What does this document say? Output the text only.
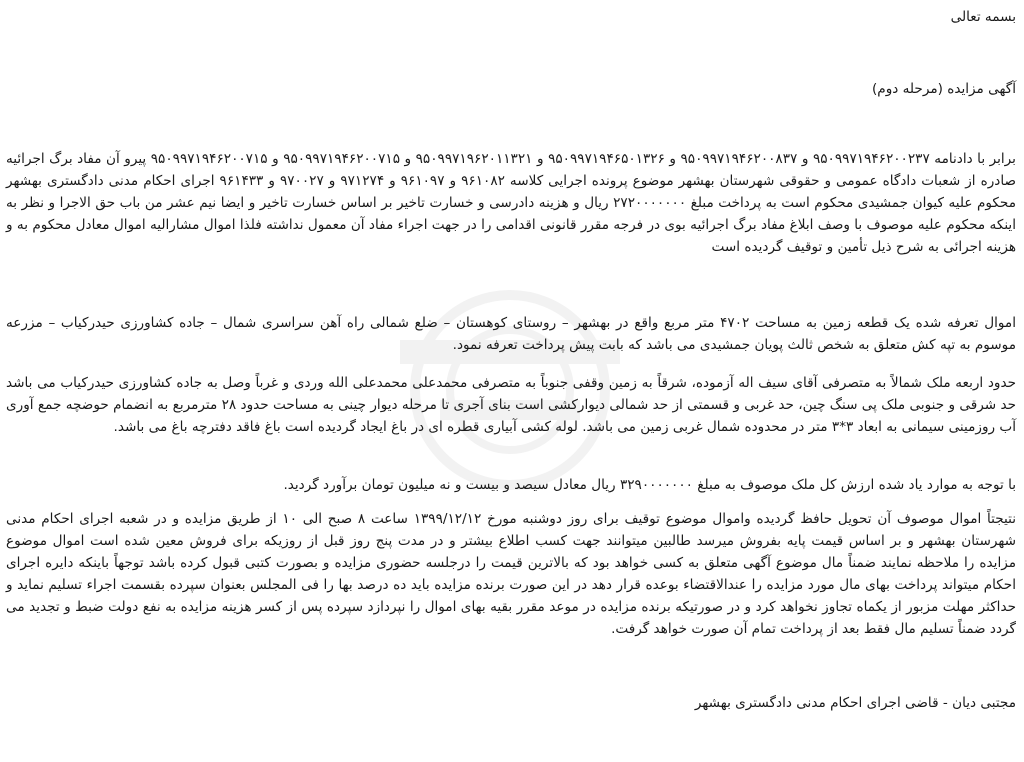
بسمه تعالی
آگهی مزایده (مرحله دوم)
برابر با دادنامه ۹۵۰۹۹۷۱۹۴۶۲۰۰۲۳۷ و ۹۵۰۹۹۷۱۹۴۶۲۰۰۸۳۷ و ۹۵۰۹۹۷۱۹۴۶۵۰۱۳۲۶ و ۹۵۰۹۹۷۱۹۶۲۰۱۱۳۲۱ و ۹۵۰۹۹۷۱۹۴۶۲۰۰۷۱۵ و ۹۵۰۹۹۷۱۹۴۶۲۰۰۷۱۵ پیرو آن مفاد برگ اجرائیه صادره از شعبات دادگاه عمومی و حقوقی شهرستان بهشهر موضوع پرونده اجرایی کلاسه ۹۶۱۰۸۲ و ۹۶۱۰۹۷ و ۹۷۱۲۷۴ و ۹۷۰۰۲۷ و ۹۶۱۴۳۳ اجرای احکام مدنی دادگستری بهشهر محکوم علیه کیوان جمشیدی محکوم است به پرداخت مبلغ ۲۷۲۰۰۰۰۰۰۰ ریال و هزینه دادرسی و خسارت تاخیر بر اساس خسارت تاخیر و ایضا نیم عشر من باب حق الاجرا و نظر به اینکه محکوم علیه موصوف با وصف ابلاغ مفاد برگ اجرائیه بوی در فرجه مقرر قانونی اقدامی را در جهت اجراء مفاد آن معمول نداشته فلذا اموال مشارالیه اموال معادل محکوم به و هزینه اجرائی به شرح ذیل تأمین و توقیف گردیده است
اموال تعرفه شده یک قطعه زمین به مساحت ۴۷۰۲ متر مربع واقع در بهشهر – روستای کوهستان – ضلع شمالی راه آهن سراسری شمال – جاده کشاورزی حیدرکیاب – مزرعه موسوم به تپه کش متعلق به شخص ثالث پویان جمشیدی می باشد که بابت پیش پرداخت تعرفه نمود.
حدود اربعه ملک شمالاً به متصرفی آقای سیف اله آزموده، شرقاً به زمین وقفی جنوباً به متصرفی محمدعلی محمدعلی الله وردی و غرباً وصل به جاده کشاورزی حیدرکیاب می باشد حد شرقی و جنوبی ملک پی سنگ چین، حد غربی و قسمتی از حد شمالی دیوارکشی است بنای آجری تا مرحله دیوار چینی به مساحت حدود ۲۸ مترمربع به انضمام حوضچه جمع آوری آب روزمینی سیمانی به ابعاد ۳*۳ متر در محدوده شمال غربی زمین می باشد. لوله کشی آبیاری قطره ای در باغ ایجاد گردیده است باغ فاقد دفترچه باغ می باشد.
با توجه به موارد یاد شده ارزش کل ملک موصوف به مبلغ ۳۲۹۰۰۰۰۰۰۰ ریال معادل سیصد و بیست و نه میلیون تومان برآورد گردید.
نتیجتاً اموال موصوف آن تحویل حافظ گردیده واموال موضوع توقیف برای روز دوشنبه مورخ ۱۳۹۹/۱۲/۱۲ ساعت ۸ صبح الی ۱۰ از طریق مزایده و در شعبه اجرای احکام مدنی شهرستان بهشهر و بر اساس قیمت پایه بفروش میرسد طالبین میتوانند جهت کسب اطلاع بیشتر و در مدت پنج روز قبل از روزیکه برای فروش معین شده است اموال موضوع مزایده را ملاحظه نمایند ضمناً مال موضوع آگهی متعلق به کسی خواهد بود که بالاترین قیمت را درجلسه حضوری مزایده و بصورت کتبی قبول کرده باشد توجهاً باینکه دایره اجرای احکام میتواند پرداخت بهای مال مورد مزایده را عندالاقتضاء بوعده قرار دهد در این صورت برنده مزایده باید ده درصد بها را فی المجلس بعنوان سپرده بقسمت اجراء تسلیم نماید و حداکثر مهلت مزبور از یکماه تجاوز نخواهد کرد و در صورتیکه برنده مزایده در موعد مقرر بقیه بهای اموال را نپردازد سپرده پس از کسر هزینه مزایده به نفع دولت ضبط و تجدید می گردد ضمناً تسلیم مال فقط بعد از پرداخت تمام آن صورت خواهد گرفت.
مجتبی دیان - قاضی اجرای احکام مدنی دادگستری بهشهر
